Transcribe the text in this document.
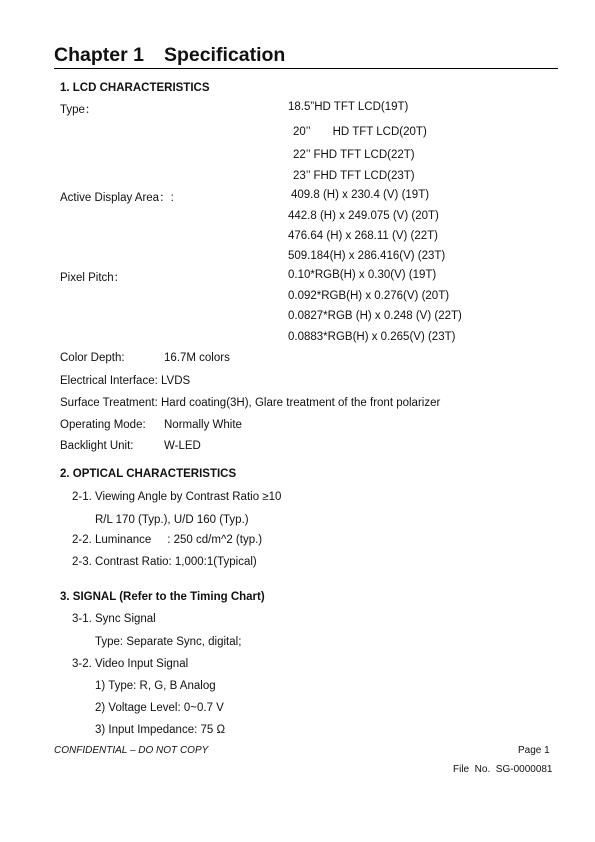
Chapter 1 Specification
1. LCD CHARACTERISTICS
Type：	18.5”HD TFT LCD(19T)
20’’       HD TFT LCD(20T)
22’’ FHD TFT LCD(22T)
23’’ FHD TFT LCD(23T)
Active Display Area：:	409.8 (H) x 230.4 (V) (19T)
442.8 (H) x 249.075 (V) (20T)
476.64 (H) x 268.11 (V) (22T)
509.184(H) x 286.416(V) (23T)
Pixel Pitch：	0.10*RGB(H) x 0.30(V) (19T)
0.092*RGB(H) x 0.276(V) (20T)
0.0827*RGB (H) x 0.248 (V) (22T)
0.0883*RGB(H) x 0.265(V) (23T)
Color Depth:	16.7M colors
Electrical Interface: LVDS
Surface Treatment: Hard coating(3H), Glare treatment of the front polarizer
Operating Mode: Normally White
Backlight Unit:	W-LED
2. OPTICAL CHARACTERISTICS
2-1. Viewing Angle by Contrast Ratio ≥10
R/L 170 (Typ.), U/D 160 (Typ.)
2-2. Luminance     : 250 cd/m^2 (typ.)
2-3. Contrast Ratio: 1,000:1(Typical)
3. SIGNAL (Refer to the Timing Chart)
3-1. Sync Signal
Type: Separate Sync, digital;
3-2. Video Input Signal
1) Type: R, G, B Analog
2) Voltage Level: 0~0.7 V
3) Input Impedance: 75 Ω
CONFIDENTIAL – DO NOT COPY	Page 1
File  No.  SG-0000081
